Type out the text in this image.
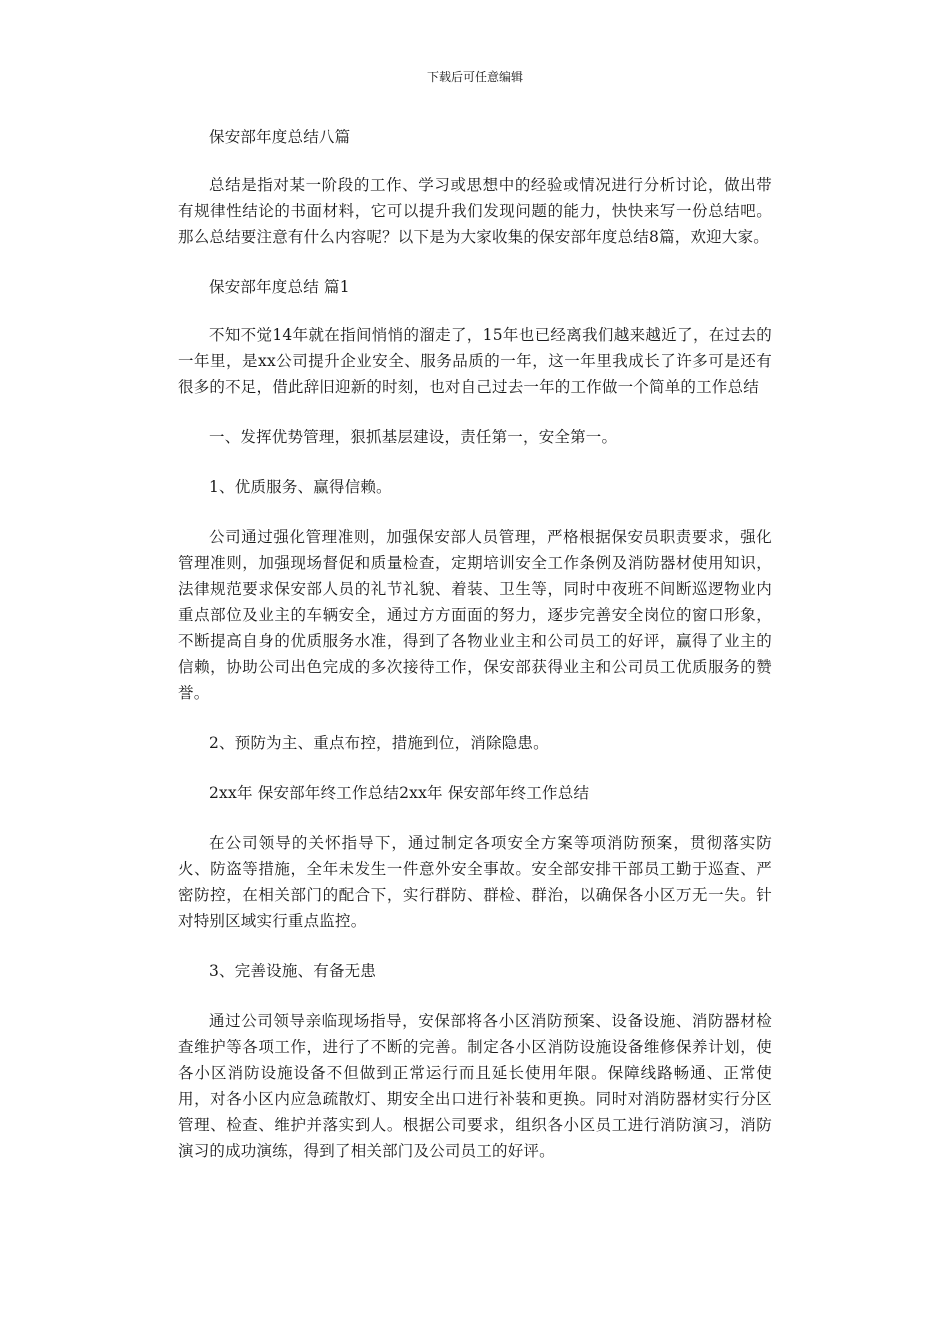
下载后可任意编辑

保安部年度总结八篇

总结是指对某一阶段的工作、学习或思想中的经验或情况进行分析讨论，做出带有规律性结论的书面材料，它可以提升我们发现问题的能力，快快来写一份总结吧。那么总结要注意有什么内容呢？以下是为大家收集的保安部年度总结8篇，欢迎大家。

保安部年度总结 篇1

不知不觉14年就在指间悄悄的溜走了，15年也已经离我们越来越近了，在过去的一年里，是xx公司提升企业安全、服务品质的一年，这一年里我成长了许多可是还有很多的不足，借此辞旧迎新的时刻，也对自己过去一年的工作做一个简单的工作总结

一、发挥优势管理，狠抓基层建设，责任第一，安全第一。

1、优质服务、赢得信赖。

公司通过强化管理准则，加强保安部人员管理，严格根据保安员职责要求，强化管理准则，加强现场督促和质量检查，定期培训安全工作条例及消防器材使用知识，法律规范要求保安部人员的礼节礼貌、着装、卫生等，同时中夜班不间断巡逻物业内重点部位及业主的车辆安全，通过方方面面的努力，逐步完善安全岗位的窗口形象，不断提高自身的优质服务水准，得到了各物业业主和公司员工的好评，赢得了业主的信赖，协助公司出色完成的多次接待工作，保安部获得业主和公司员工优质服务的赞誉。

2、预防为主、重点布控，措施到位，消除隐患。

2xx年 保安部年终工作总结2xx年 保安部年终工作总结

在公司领导的关怀指导下，通过制定各项安全方案等项消防预案，贯彻落实防火、防盗等措施，全年未发生一件意外安全事故。安全部安排干部员工勤于巡查、严密防控，在相关部门的配合下，实行群防、群检、群治，以确保各小区万无一失。针对特别区域实行重点监控。

3、完善设施、有备无患

通过公司领导亲临现场指导，安保部将各小区消防预案、设备设施、消防器材检查维护等各项工作，进行了不断的完善。制定各小区消防设施设备维修保养计划，使各小区消防设施设备不但做到正常运行而且延长使用年限。保障线路畅通、正常使用，对各小区内应急疏散灯、期安全出口进行补装和更换。同时对消防器材实行分区管理、检查、维护并落实到人。根据公司要求，组织各小区员工进行消防演习，消防演习的成功演练，得到了相关部门及公司员工的好评。
